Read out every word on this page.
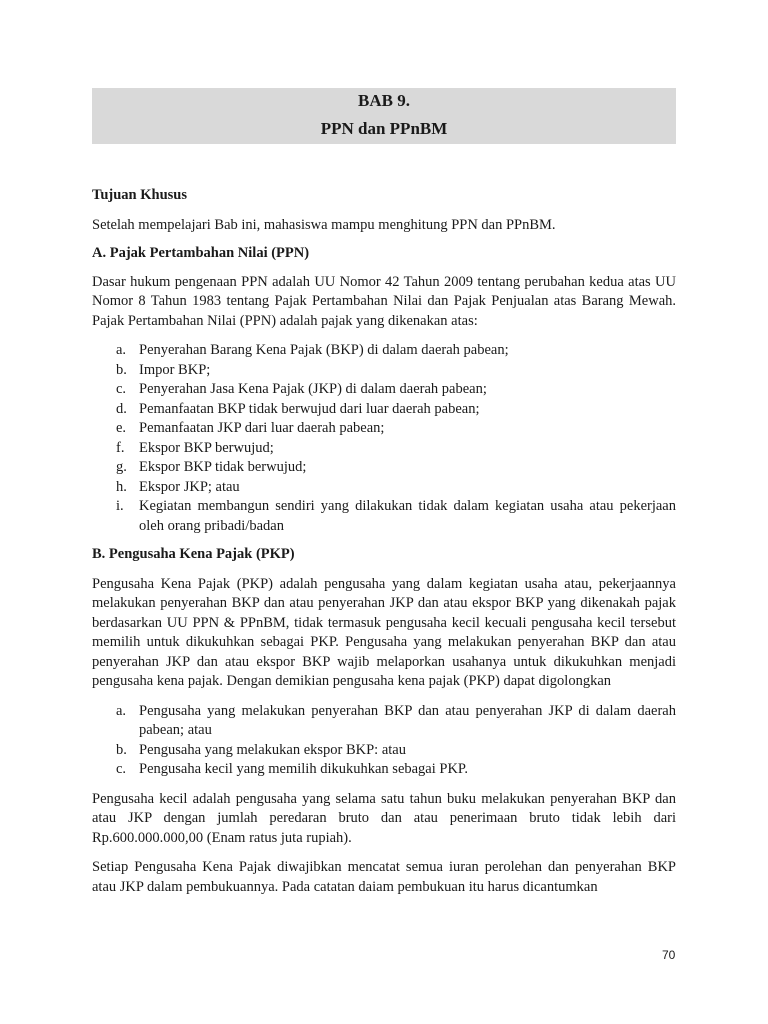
BAB 9.
PPN dan PPnBM

Tujuan Khusus

Setelah mempelajari Bab ini, mahasiswa mampu menghitung PPN dan PPnBM.

A. Pajak Pertambahan Nilai (PPN)

Dasar hukum pengenaan PPN adalah UU Nomor 42 Tahun 2009 tentang perubahan kedua atas UU Nomor 8 Tahun 1983 tentang Pajak Pertambahan Nilai dan Pajak Penjualan atas Barang Mewah. Pajak Pertambahan Nilai (PPN) adalah pajak yang dikenakan atas:

a. Penyerahan Barang Kena Pajak (BKP) di dalam daerah pabean;
b. Impor BKP;
c. Penyerahan Jasa Kena Pajak (JKP) di dalam daerah pabean;
d. Pemanfaatan BKP tidak berwujud dari luar daerah pabean;
e. Pemanfaatan JKP dari luar daerah pabean;
f. Ekspor BKP berwujud;
g. Ekspor BKP tidak berwujud;
h. Ekspor JKP; atau
i. Kegiatan membangun sendiri yang dilakukan tidak dalam kegiatan usaha atau pekerjaan oleh orang pribadi/badan

B. Pengusaha Kena Pajak (PKP)

Pengusaha Kena Pajak (PKP) adalah pengusaha yang dalam kegiatan usaha atau, pekerjaannya melakukan penyerahan BKP dan atau penyerahan JKP dan atau ekspor BKP yang dikenakah pajak berdasarkan UU PPN & PPnBM, tidak termasuk pengusaha kecil kecuali pengusaha kecil tersebut memilih untuk dikukuhkan sebagai PKP. Pengusaha yang melakukan penyerahan BKP dan atau penyerahan JKP dan atau ekspor BKP wajib melaporkan usahanya untuk dikukuhkan menjadi pengusaha kena pajak. Dengan demikian pengusaha kena pajak (PKP) dapat digolongkan

a. Pengusaha yang melakukan penyerahan BKP dan atau penyerahan JKP di dalam daerah pabean; atau
b. Pengusaha yang melakukan ekspor BKP: atau
c. Pengusaha kecil yang memilih dikukuhkan sebagai PKP.

Pengusaha kecil adalah pengusaha yang selama satu tahun buku melakukan penyerahan BKP dan atau JKP dengan jumlah peredaran bruto dan atau penerimaan bruto tidak lebih dari Rp.600.000.000,00 (Enam ratus juta rupiah).

Setiap Pengusaha Kena Pajak diwajibkan mencatat semua iuran perolehan dan penyerahan BKP atau JKP dalam pembukuannya. Pada catatan daiam pembukuan itu harus dicantumkan

70
